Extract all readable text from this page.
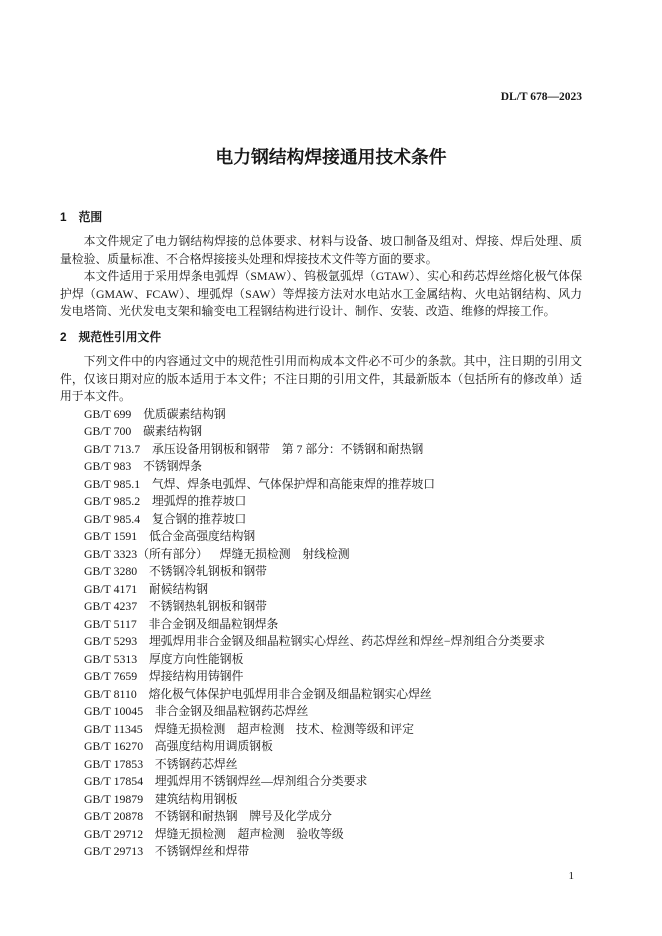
DL/T 678—2023
电力钢结构焊接通用技术条件
1 范围

本文件规定了电力钢结构焊接的总体要求、材料与设备、坡口制备及组对、焊接、焊后处理、质量检验、质量标准、不合格焊接接头处理和焊接技术文件等方面的要求。

本文件适用于采用焊条电弧焊（SMAW）、钨极氩弧焊（GTAW）、实心和药芯焊丝熔化极气体保护焊（GMAW、FCAW）、埋弧焊（SAW）等焊接方法对水电站水工金属结构、火电站钢结构、风力发电塔筒、光伏发电支架和输变电工程钢结构进行设计、制作、安装、改造、维修的焊接工作。

2 规范性引用文件

下列文件中的内容通过文中的规范性引用而构成本文件必不可少的条款。其中，注日期的引用文件，仅该日期对应的版本适用于本文件；不注日期的引用文件，其最新版本（包括所有的修改单）适用于本文件。

GB/T 699 优质碳素结构钢
GB/T 700 碳素结构钢
GB/T 713.7 承压设备用钢板和钢带　第 7 部分：不锈钢和耐热钢
GB/T 983 不锈钢焊条
GB/T 985.1 气焊、焊条电弧焊、气体保护焊和高能束焊的推荐坡口
GB/T 985.2 埋弧焊的推荐坡口
GB/T 985.4 复合钢的推荐坡口
GB/T 1591 低合金高强度结构钢
GB/T 3323（所有部分） 焊缝无损检测　射线检测
GB/T 3280 不锈钢冷轧钢板和钢带
GB/T 4171 耐候结构钢
GB/T 4237 不锈钢热轧钢板和钢带
GB/T 5117 非合金钢及细晶粒钢焊条
GB/T 5293 埋弧焊用非合金钢及细晶粒钢实心焊丝、药芯焊丝和焊丝−焊剂组合分类要求
GB/T 5313 厚度方向性能钢板
GB/T 7659 焊接结构用铸钢件
GB/T 8110 熔化极气体保护电弧焊用非合金钢及细晶粒钢实心焊丝
GB/T 10045 非合金钢及细晶粒钢药芯焊丝
GB/T 11345 焊缝无损检测　超声检测　技术、检测等级和评定
GB/T 16270 高强度结构用调质钢板
GB/T 17853 不锈钢药芯焊丝
GB/T 17854 埋弧焊用不锈钢焊丝—焊剂组合分类要求
GB/T 19879 建筑结构用钢板
GB/T 20878 不锈钢和耐热钢　牌号及化学成分
GB/T 29712 焊缝无损检测　超声检测　验收等级
GB/T 29713 不锈钢焊丝和焊带
1
